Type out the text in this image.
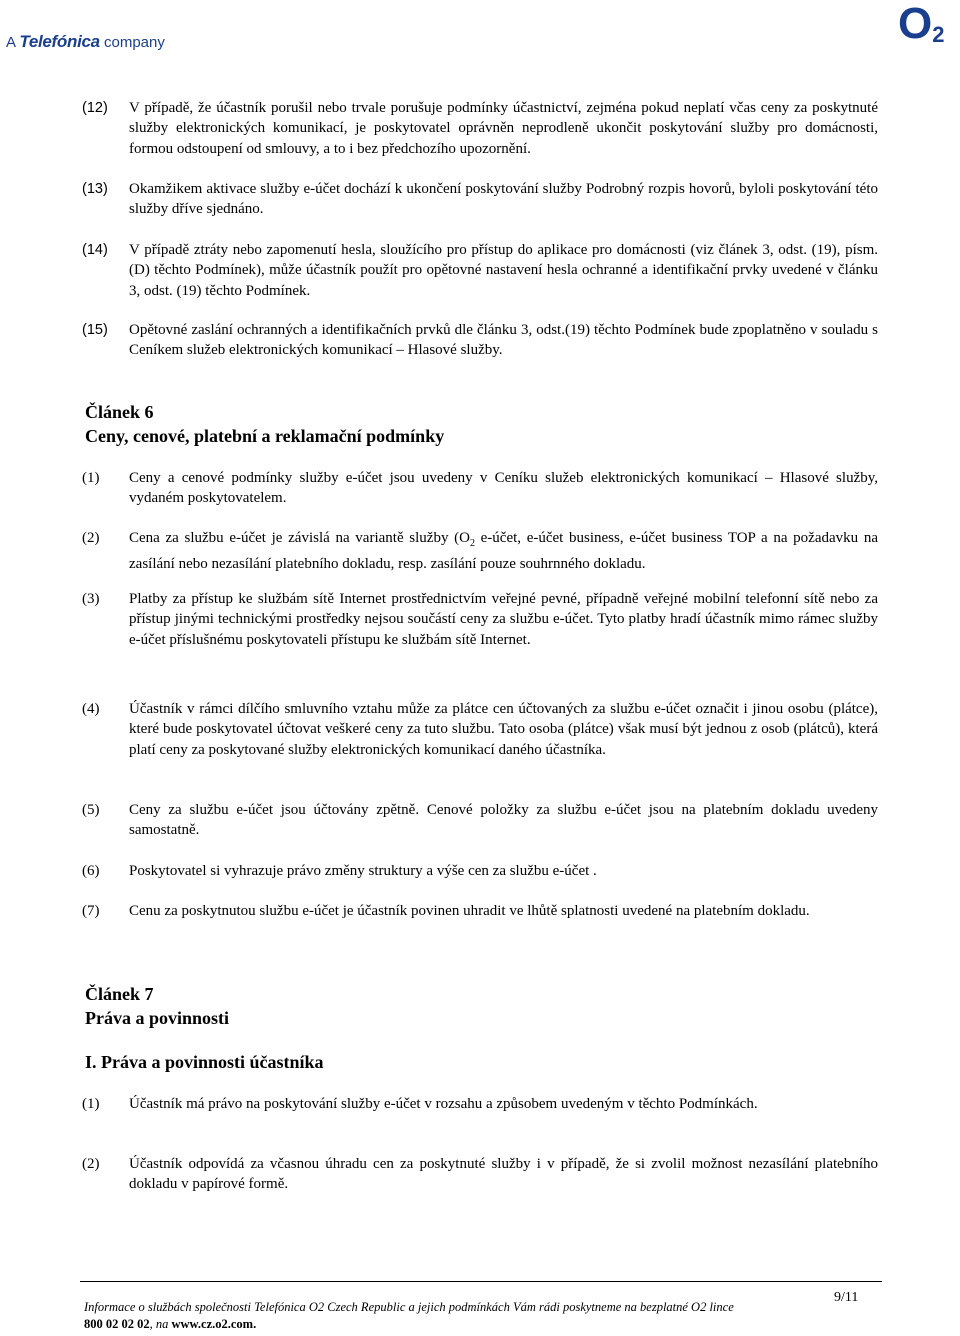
A Telefónica company	$O_2$
(12) V případě, že účastník porušil nebo trvale porušuje podmínky účastnictví, zejména pokud neplatí včas ceny za poskytnuté služby elektronických komunikací, je poskytovatel oprávněn neprodleně ukončit poskytování služby pro domácnosti, formou odstoupení od smlouvy, a to i bez předchozího upozornění.
(13) Okamžikem aktivace služby e-účet dochází k ukončení poskytování služby Podrobný rozpis hovorů, byloli poskytování této služby dříve sjednáno.
(14) V případě ztráty nebo zapomenutí hesla, sloužícího pro přístup do aplikace pro domácnosti (viz článek 3, odst. (19), písm. (D) těchto Podmínek), může účastník použít pro opětovné nastavení hesla ochranné a identifikační prvky uvedené v článku 3, odst. (19) těchto Podmínek.
(15) Opětovné zaslání ochranných a identifikačních prvků dle článku 3, odst.(19) těchto Podmínek bude zpoplatněno v souladu s Ceníkem služeb elektronických komunikací – Hlasové služby.
Článek 6
Ceny, cenové, platební a reklamační podmínky
(1) Ceny a cenové podmínky služby e-účet jsou uvedeny v Ceníku služeb elektronických komunikací – Hlasové služby, vydaném poskytovatelem.
(2) Cena za službu e-účet je závislá na variantě služby ($O_2$ e-účet, e-účet business, e-účet business TOP a na požadavku na zasílání nebo nezasílání platebního dokladu, resp. zasílání pouze souhrnného dokladu.
(3) Platby za přístup ke službám sítě Internet prostřednictvím veřejné pevné, případně veřejné mobilní telefonní sítě nebo za přístup jinými technickými prostředky nejsou součástí ceny za službu e-účet. Tyto platby hradí účastník mimo rámec služby e-účet příslušnému poskytovateli přístupu ke službám sítě Internet.
(4) Účastník v rámci dílčího smluvního vztahu může za plátce cen účtovaných za službu e-účet označit i jinou osobu (plátce), které bude poskytovatel účtovat veškeré ceny za tuto službu. Tato osoba (plátce) však musí být jednou z osob (plátců), která platí ceny za poskytované služby elektronických komunikací daného účastníka.
(5) Ceny za službu e-účet jsou účtovány zpětně. Cenové položky za službu e-účet jsou na platebním dokladu uvedeny samostatně.
(6) Poskytovatel si vyhrazuje právo změny struktury a výše cen za službu e-účet .
(7) Cenu za poskytnutou službu e-účet je účastník povinen uhradit ve lhůtě splatnosti uvedené na platebním dokladu.
Článek 7
Práva a povinnosti
I. Práva a povinnosti účastníka
(1) Účastník má právo na poskytování služby e-účet v rozsahu a způsobem uvedeným v těchto Podmínkách.
(2) Účastník odpovídá za včasnou úhradu cen za poskytnuté služby i v případě, že si zvolil možnost nezasílání platebního dokladu v papírové formě.
9/11
Informace o službách společnosti Telefónica O2 Czech Republic a jejich podmínkách Vám rádi poskytneme na bezplatné O2 lince
800 02 02 02, na www.cz.o2.com.
